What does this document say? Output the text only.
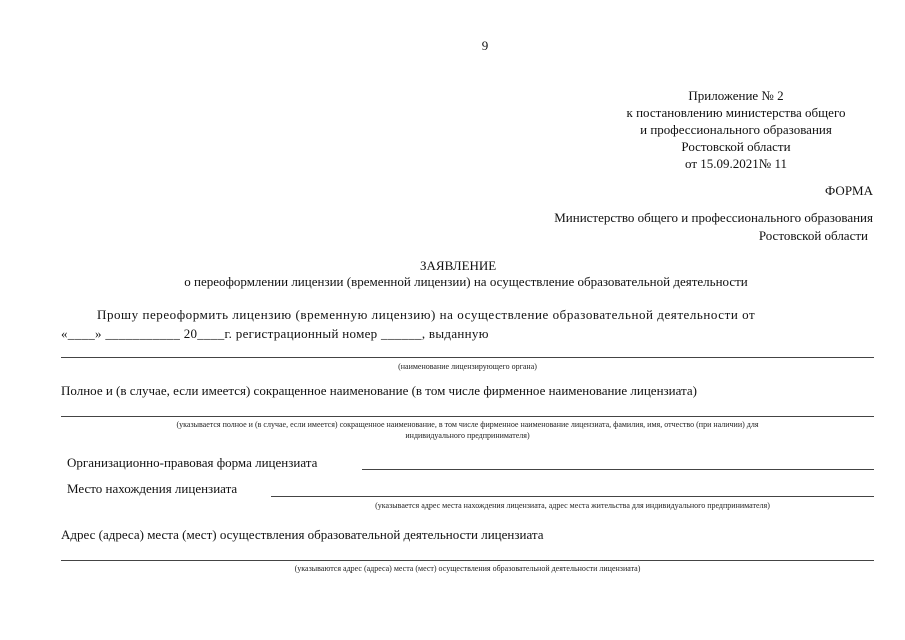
9
Приложение № 2
к постановлению министерства общего
и профессионального образования
Ростовской области
от 15.09.2021№ 11
ФОРМА
Министерство общего и профессионального образования
Ростовской области
ЗАЯВЛЕНИЕ
о переоформлении лицензии (временной лицензии) на осуществление образовательной деятельности
Прошу переоформить лицензию (временную лицензию) на осуществление образовательной деятельности от
«____» ___________ 20____г. регистрационный номер ______, выданную
(наименование лицензирующего органа)
Полное и (в случае, если имеется) сокращенное наименование (в том числе фирменное наименование лицензиата)
(указывается полное и (в случае, если имеется) сокращенное наименование, в том числе фирменное наименование лицензиата, фамилия, имя, отчество (при наличии) для
индивидуального предпринимателя)
Организационно-правовая форма лицензиата
Место нахождения лицензиата
(указывается адрес места нахождения лицензиата, адрес места жительства для индивидуального предпринимателя)
Адрес (адреса) места (мест) осуществления образовательной деятельности лицензиата
(указываются адрес (адреса) места (мест) осуществления образовательной деятельности лицензиата)
